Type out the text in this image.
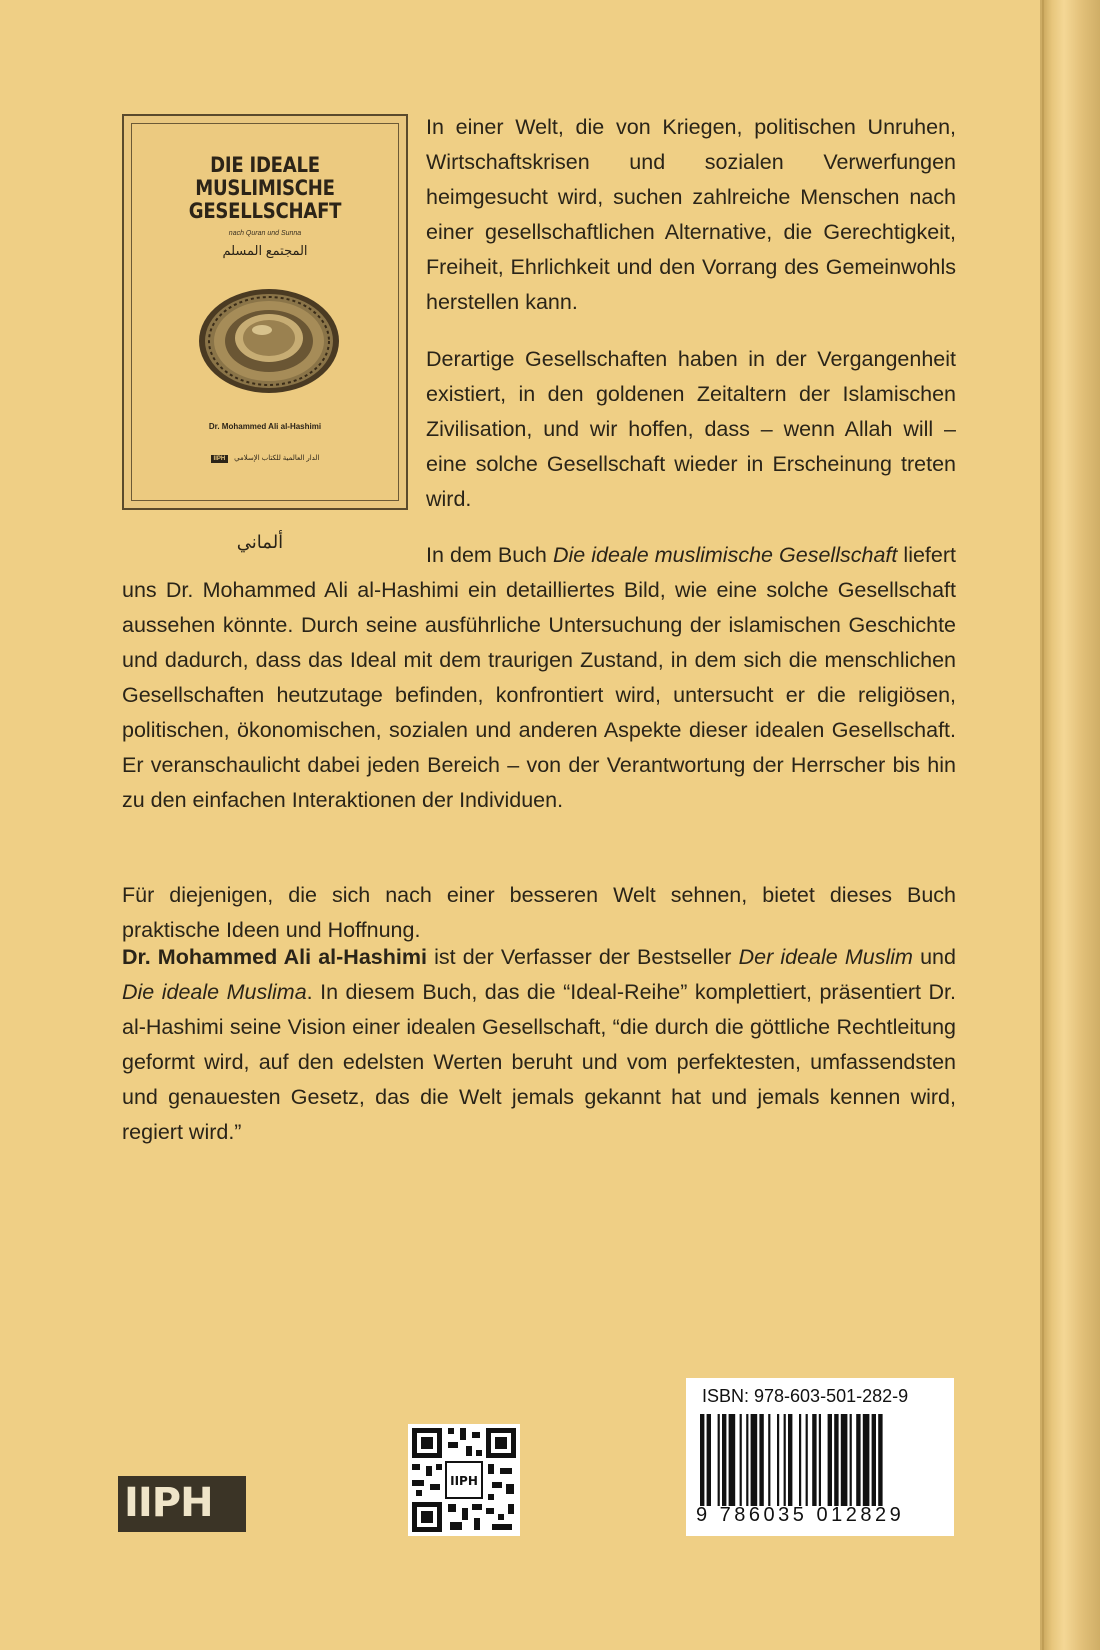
DIE IDEALE
MUSLIMISCHE
GESELLSCHAFT
nach Quran und Sunna
المجتمع المسلم
Dr. Mohammed Ali al-Hashimi
IIPH الدار العالمية للكتاب الإسلامي
ألماني

In einer Welt, die von Kriegen, politischen Unruhen, Wirtschaftskrisen und sozialen Verwerfungen heimgesucht wird, suchen zahlreiche Menschen nach einer gesellschaftlichen Alternative, die Gerechtigkeit, Freiheit, Ehrlichkeit und den Vorrang des Gemeinwohls herstellen kann.

Derartige Gesellschaften haben in der Vergangenheit existiert, in den goldenen Zeitaltern der Islamischen Zivilisation, und wir hoffen, dass – wenn Allah will – eine solche Gesellschaft wieder in Erscheinung treten wird.

In dem Buch Die ideale muslimische Gesellschaft liefert uns Dr. Mohammed Ali al-Hashimi ein detailliertes Bild, wie eine solche Gesellschaft aussehen könnte. Durch seine ausführliche Untersuchung der islamischen Geschichte und dadurch, dass das Ideal mit dem traurigen Zustand, in dem sich die menschlichen Gesellschaften heutzutage befinden, konfrontiert wird, untersucht er die religiösen, politischen, ökonomischen, sozialen und anderen Aspekte dieser idealen Gesellschaft. Er veranschaulicht dabei jeden Bereich – von der Verantwortung der Herrscher bis hin zu den einfachen Interaktionen der Individuen.

Für diejenigen, die sich nach einer besseren Welt sehnen, bietet dieses Buch praktische Ideen und Hoffnung.

Dr. Mohammed Ali al-Hashimi ist der Verfasser der Bestseller Der ideale Muslim und Die ideale Muslima. In diesem Buch, das die “Ideal-Reihe” komplettiert, präsentiert Dr. al-Hashimi seine Vision einer idealen Gesellschaft, “die durch die göttliche Rechtleitung geformt wird, auf den edelsten Werten beruht und vom perfektesten, umfassendsten und genauesten Gesetz, das die Welt jemals gekannt hat und jemals kennen wird, regiert wird.”

IIPH	IIPH
ISBN: 978-603-501-282-9
9 786035 012829
